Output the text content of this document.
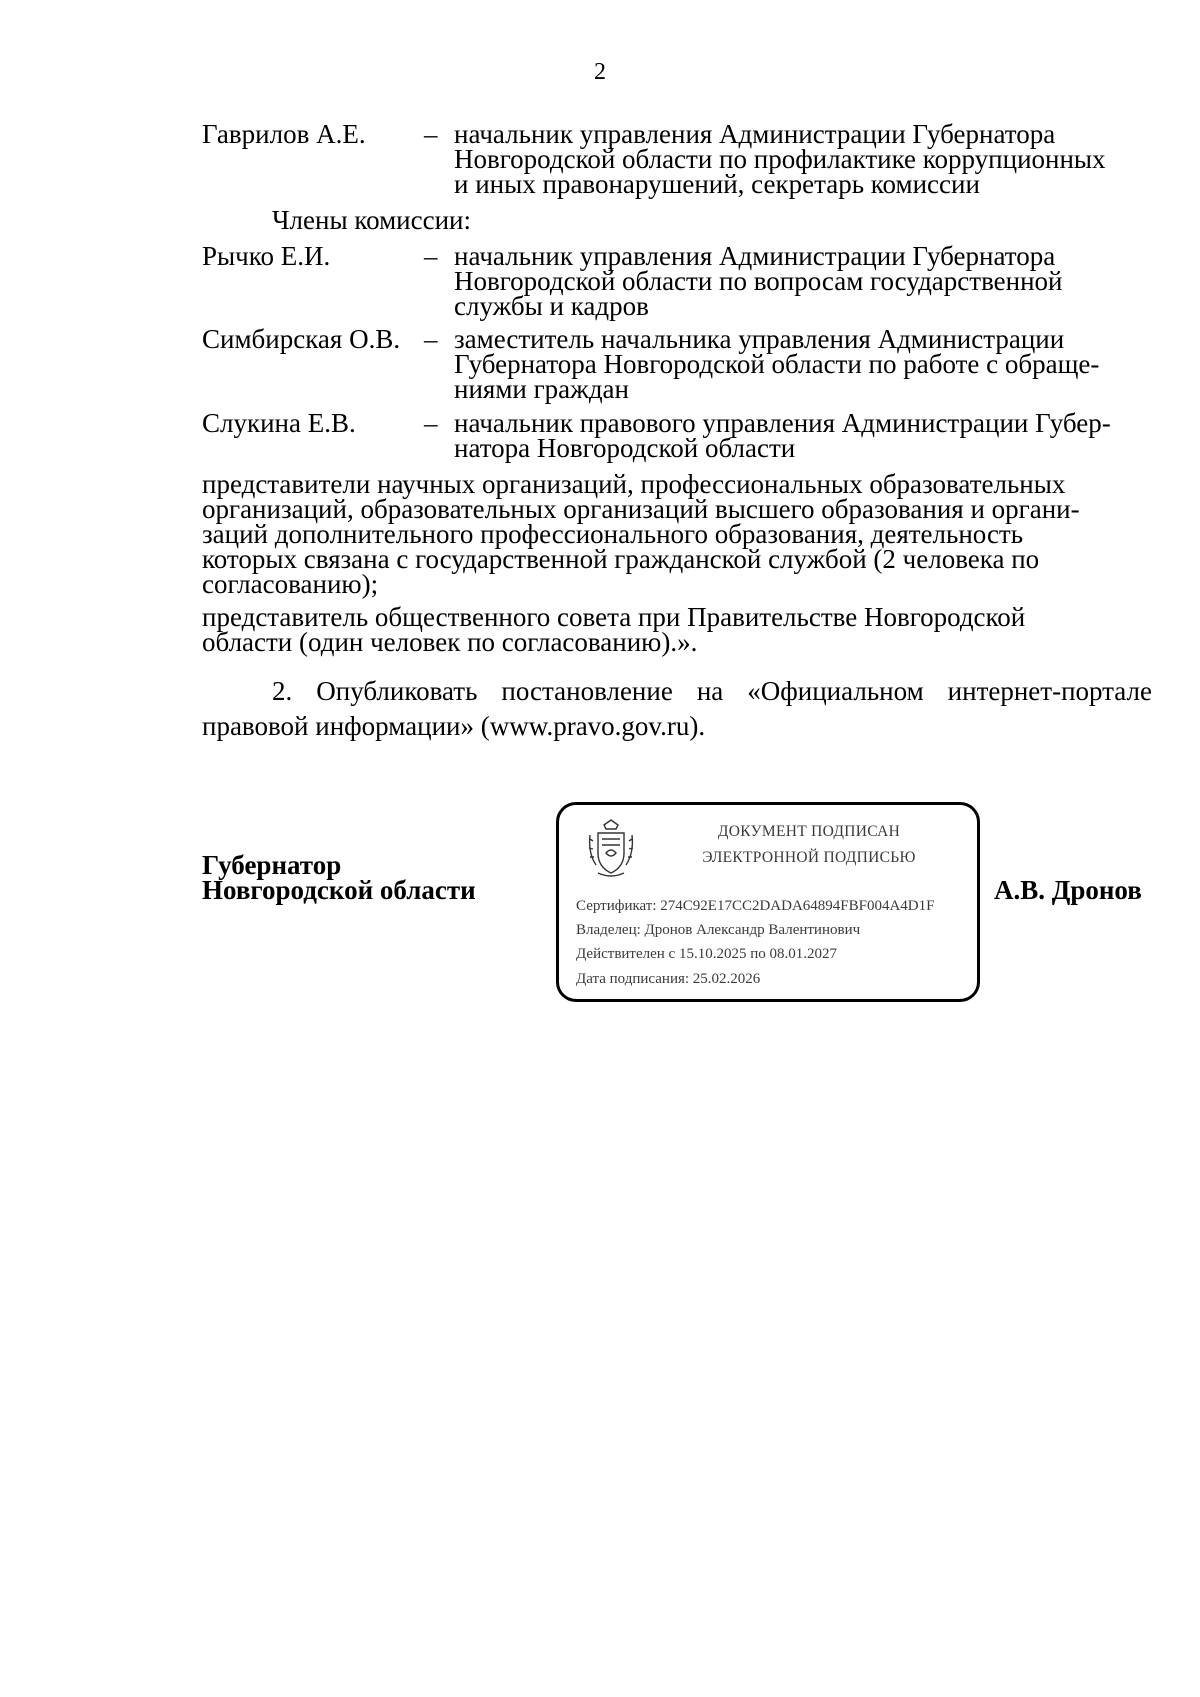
2
Гаврилов А.Е. – начальник управления Администрации Губернатора
Новгородской области по профилактике коррупционных
и иных правонарушений, секретарь комиссии
Члены комиссии:
Рычко Е.И.	– начальник управления Администрации Губернатора
Новгородской области по вопросам государственной
службы и кадров
Симбирская О.В. – заместитель начальника управления Администрации
Губернатора Новгородской области по работе с обраще-
ниями граждан
Слукина Е.В.	– начальник правового управления Администрации Губер-
натора Новгородской области
представители научных организаций, профессиональных образовательных
организаций, образовательных организаций высшего образования и органи-
заций дополнительного профессионального образования, деятельность
которых связана с государственной гражданской службой (2 человека по
согласованию);
представитель общественного совета при Правительстве Новгородской
области (один человек по согласованию).».
2. Опубликовать постановление на «Официальном интернет-портале
правовой информации» (www.pravo.gov.ru).
Губернатор
Новгородской области
ДОКУМЕНТ ПОДПИСАН
ЭЛЕКТРОННОЙ ПОДПИСЬЮ
Сертификат: 274C92E17CC2DADA64894FBF004A4D1F
Владелец: Дронов Александр Валентинович
Действителен с 15.10.2025 по 08.01.2027
Дата подписания: 25.02.2026
А.В. Дронов
